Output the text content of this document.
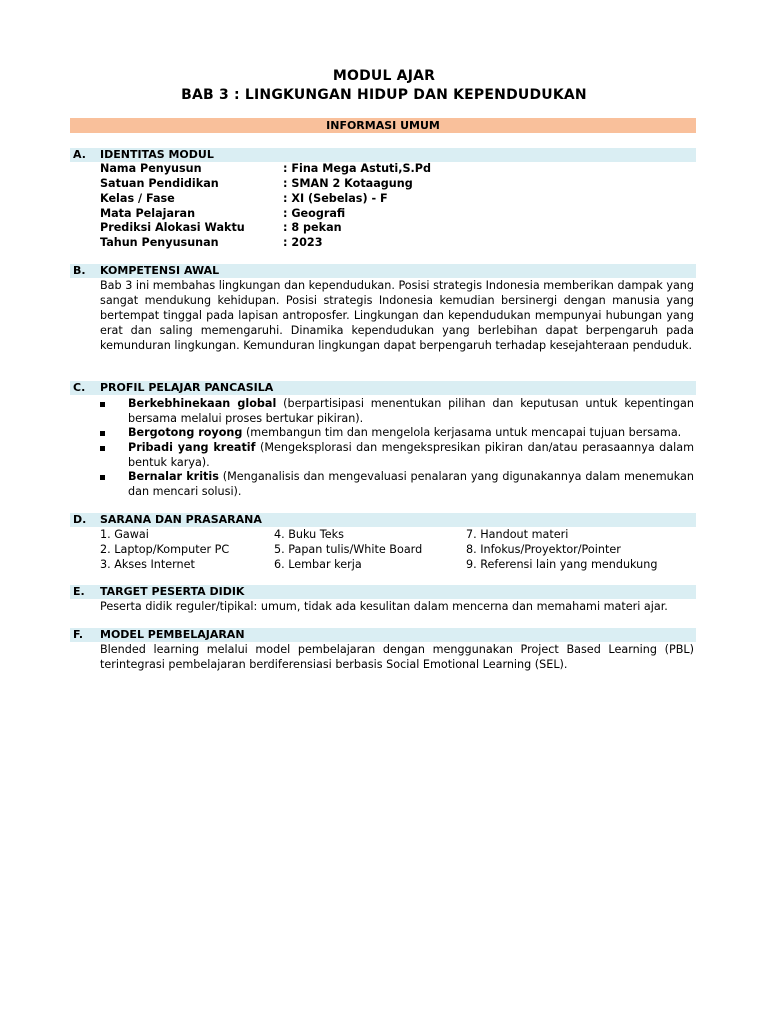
MODUL AJAR
BAB 3 : LINGKUNGAN HIDUP DAN KEPENDUDUKAN
INFORMASI UMUM
A. IDENTITAS MODUL
Nama Penyusun	: Fina Mega Astuti,S.Pd
Satuan Pendidikan	: SMAN 2 Kotaagung
Kelas / Fase	: XI (Sebelas) - F
Mata Pelajaran	: Geografi
Prediksi Alokasi Waktu	: 8 pekan
Tahun Penyusunan	: 2023
B. KOMPETENSI AWAL
Bab 3 ini membahas lingkungan dan kependudukan. Posisi strategis Indonesia memberikan dampak yang sangat mendukung kehidupan. Posisi strategis Indonesia kemudian bersinergi dengan manusia yang bertempat tinggal pada lapisan antroposfer. Lingkungan dan kependudukan mempunyai hubungan yang erat dan saling memengaruhi. Dinamika kependudukan yang berlebihan dapat berpengaruh pada kemunduran lingkungan. Kemunduran lingkungan dapat berpengaruh terhadap kesejahteraan penduduk.
C. PROFIL PELAJAR PANCASILA
Berkebhinekaan global (berpartisipasi menentukan pilihan dan keputusan untuk kepentingan bersama melalui proses bertukar pikiran).
Bergotong royong (membangun tim dan mengelola kerjasama untuk mencapai tujuan bersama.
Pribadi yang kreatif (Mengeksplorasi dan mengekspresikan pikiran dan/atau perasaannya dalam bentuk karya).
Bernalar kritis (Menganalisis dan mengevaluasi penalaran yang digunakannya dalam menemukan dan mencari solusi).
D. SARANA DAN PRASARANA
1. Gawai
2. Laptop/Komputer PC
3. Akses Internet
4. Buku Teks
5. Papan tulis/White Board
6. Lembar kerja
7. Handout materi
8. Infokus/Proyektor/Pointer
9. Referensi lain yang mendukung
E. TARGET PESERTA DIDIK
Peserta didik reguler/tipikal: umum, tidak ada kesulitan dalam mencerna dan memahami materi ajar.
F. MODEL PEMBELAJARAN
Blended learning melalui model pembelajaran dengan menggunakan Project Based Learning (PBL) terintegrasi pembelajaran berdiferensiasi berbasis Social Emotional Learning (SEL).
